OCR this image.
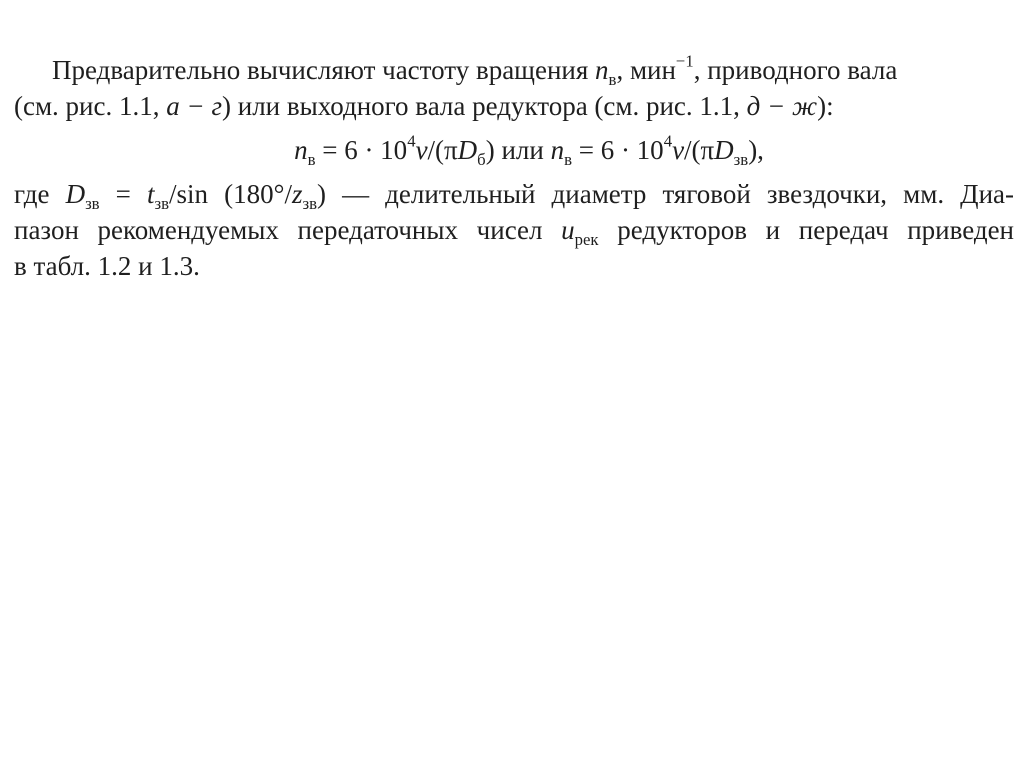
Предварительно вычисляют частоту вращения $n_в$, мин$^{-1}$, приводного вала
(см. рис. 1.1, а − г) или выходного вала редуктора (см. рис. 1.1, д − ж):
$n_в = 6 \cdot 10^4v/(\pi D_б)$ или $n_в = 6 \cdot 10^4v/(\pi D_{зв})$,
где $D_{зв} = t_{зв}/\sin$ $(180^\circ/z_{зв})$ — делительный диаметр тяговой звездочки, мм. Диа-
пазон рекомендуемых передаточных чисел $u_{рек}$ редукторов и передач приведен
в табл. 1.2 и 1.3.
